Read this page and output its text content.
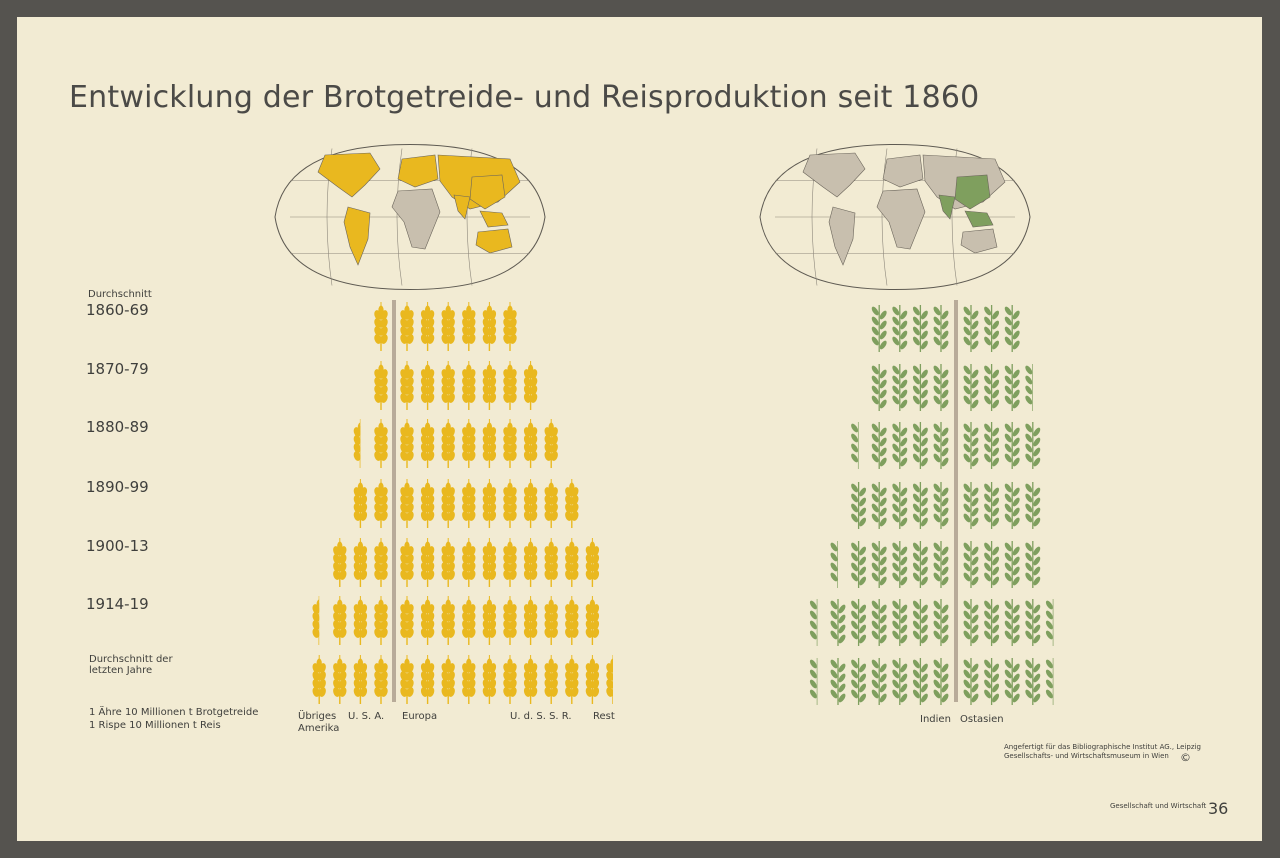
Entwicklung der Brotgetreide- und Reisproduktion seit 1860
Durchschnitt
1 Ähre 10 Millionen t Brotgetreide
1 Rispe 10 Millionen t Reis
Angefertigt für das Bibliographische Institut AG., Leipzig
Gesellschafts- und Wirtschaftsmuseum in Wien ©
Gesellschaft und Wirtschaft 36
1860-69
1870-79
1880-89
1890-99
1900-13
1914-19
Durchschnitt der
letzten Jahre
Übriges
Amerika
U. S. A. Europa	U. d. S. S. R. Rest	Indien Ostasien
